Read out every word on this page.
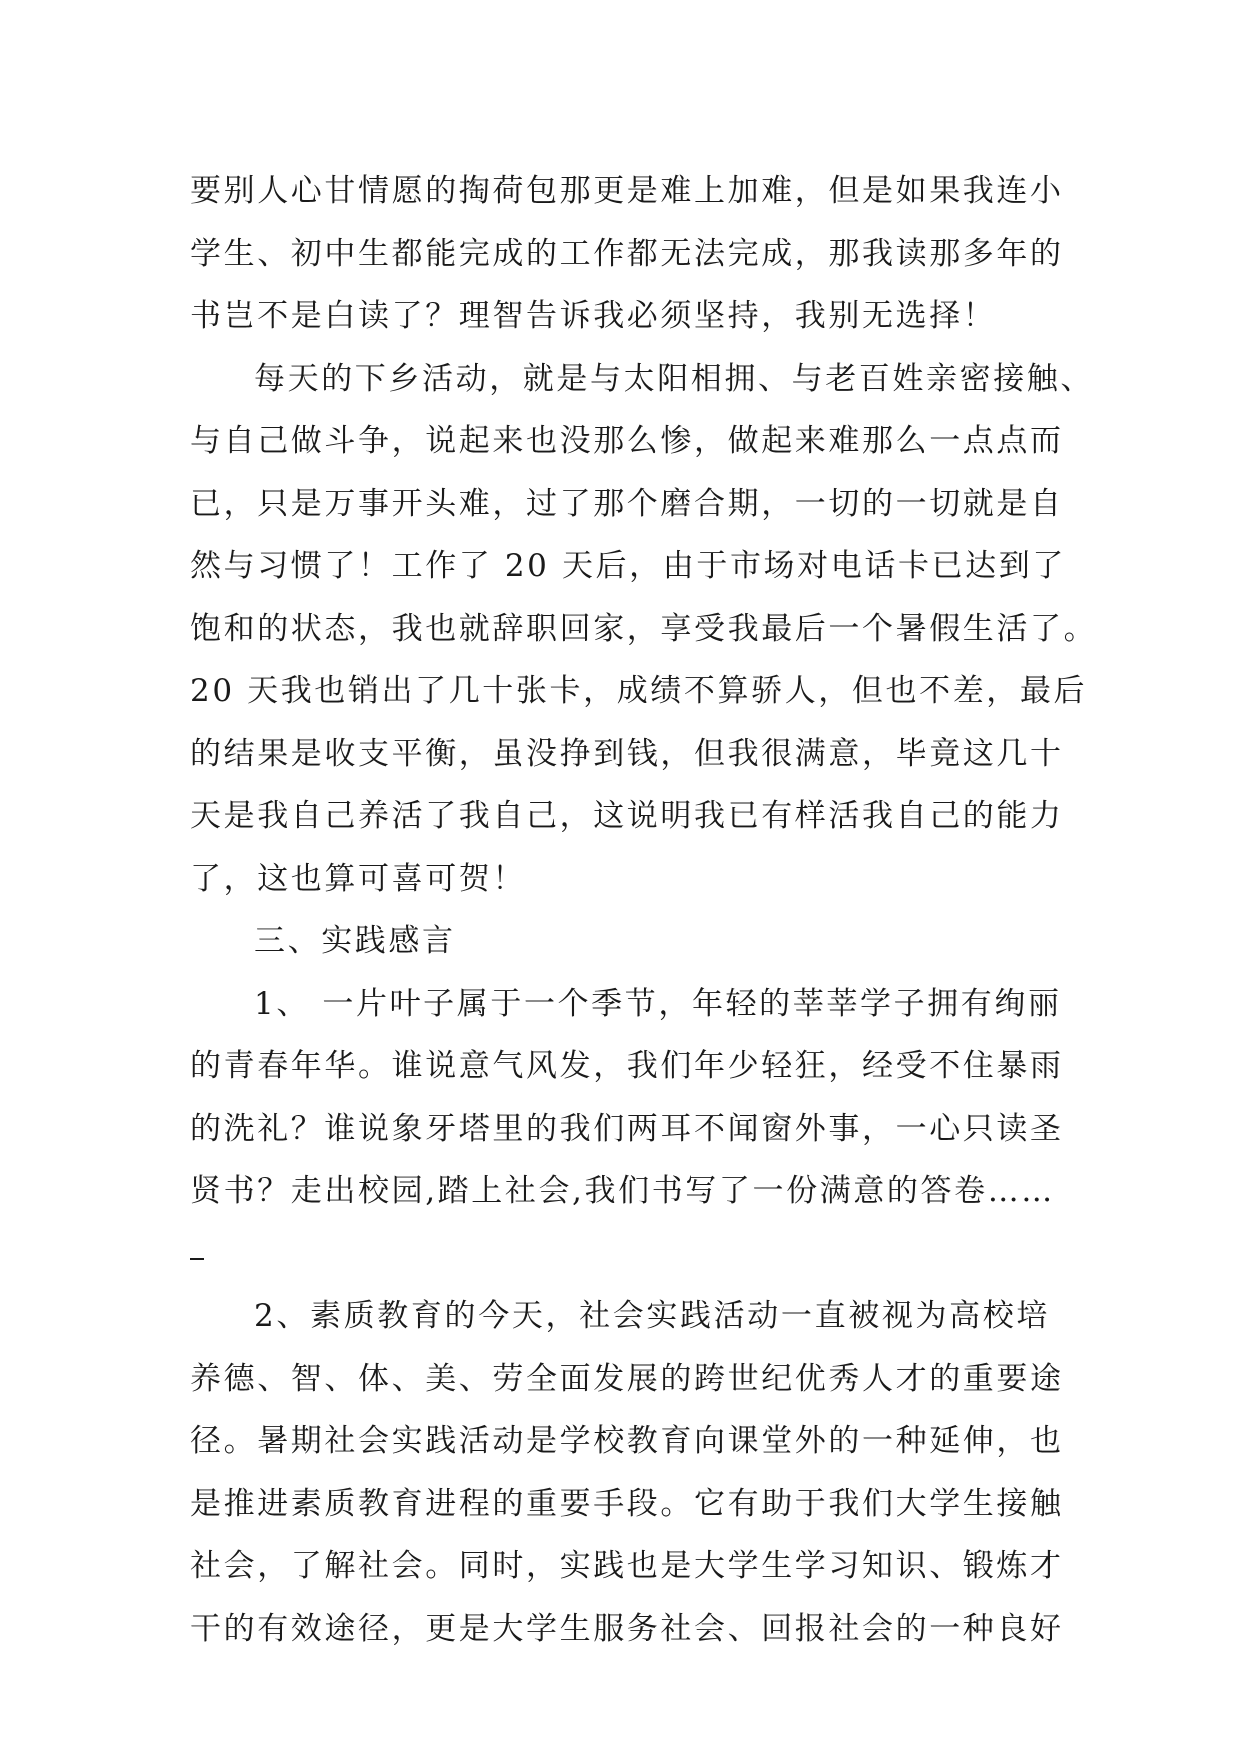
要别人心甘情愿的掏荷包那更是难上加难，但是如果我连小
学生、初中生都能完成的工作都无法完成，那我读那多年的
书岂不是白读了？理智告诉我必须坚持，我别无选择！
每天的下乡活动，就是与太阳相拥、与老百姓亲密接触、
与自己做斗争，说起来也没那么惨，做起来难那么一点点而
已，只是万事开头难，过了那个磨合期，一切的一切就是自
然与习惯了！工作了 20 天后，由于市场对电话卡已达到了
饱和的状态，我也就辞职回家，享受我最后一个暑假生活了。
20 天我也销出了几十张卡，成绩不算骄人，但也不差，最后
的结果是收支平衡，虽没挣到钱，但我很满意，毕竟这几十
天是我自己养活了我自己，这说明我已有样活我自己的能力
了，这也算可喜可贺！
三、实践感言
1、 一片叶子属于一个季节，年轻的莘莘学子拥有绚丽
的青春年华。谁说意气风发，我们年少轻狂，经受不住暴雨
的洗礼？谁说象牙塔里的我们两耳不闻窗外事，一心只读圣
贤书？走出校园,踏上社会,我们书写了一份满意的答卷……
2、素质教育的今天，社会实践活动一直被视为高校培
养德、智、体、美、劳全面发展的跨世纪优秀人才的重要途
径。暑期社会实践活动是学校教育向课堂外的一种延伸，也
是推进素质教育进程的重要手段。它有助于我们大学生接触
社会，了解社会。同时，实践也是大学生学习知识、锻炼才
干的有效途径，更是大学生服务社会、回报社会的一种良好
